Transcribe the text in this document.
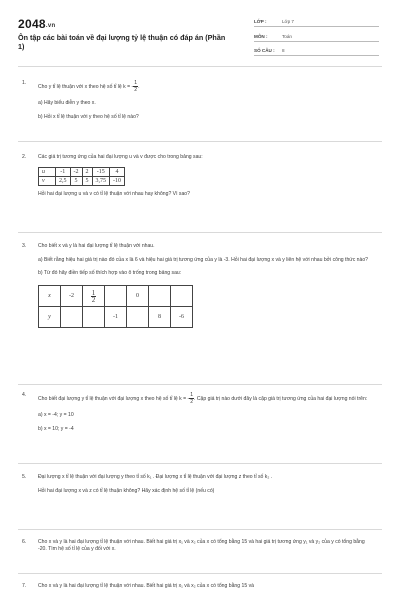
2048.vn
Ôn tập các bài toán về đại lượng tỷ lệ thuận có đáp án (Phần 1)
LỚP :	Lớp 7
MÔN :	Toán
SỐ CÂU : 8
1.

Cho y tỉ lệ thuận với x theo hệ số tỉ lệ k = - $\frac{1}{2}$ .

a) Hãy biểu diễn y theo x.

b) Hỏi x tỉ lệ thuận với y theo hệ số tỉ lệ nào?

2. Các giá trị tương ứng của hai đại lượng u và v được cho trong bảng sau:

u	-1	-2	2	-15	4
v	2,5	5	5	3,75	-10

Hỏi hai đại lượng u và v có tỉ lệ thuận với nhau hay không? Vì sao?

3. Cho biết x và y là hai đại lượng tỉ lệ thuận với nhau.

a) Biết rằng hiệu hai giá trị nào đó của x là 6 và hiệu hai giá trị tương ứng của y là -3. Hỏi hai đại lượng x và y liên hệ với nhau bởi công thức nào?

b) Từ đó hãy điền tiếp số thích hợp vào ô trống trong bảng sau:

x	-2	$\frac{1}{2}$		0		
y			-1		8	-6
4.

Cho biết đại lượng y tỉ lệ thuận với đại lượng x theo hệ số tỉ lệ k = - $\frac{1}{2}$ . Cặp giá trị nào dưới đây là cặp giá trị tương ứng của hai đại lượng nói trên:

a) x = -4; y = 10

b) x = 10; y = -4

5. Đại lượng x tỉ lệ thuận với đại lượng y theo tỉ số k₁ . Đại lượng x tỉ lệ thuận với đại lượng z theo tỉ số k₂ .

Hỏi hai đại lượng x và z có tỉ lệ thuận không? Hãy xác định hệ số tỉ lệ (nếu có)

6. Cho x và y là hai đại lượng tỉ lệ thuận với nhau. Biết hai giá trị x₁ và x₂ của x có tổng bằng 15 và hai giá trị tương ứng y₁ và y₂ của y có tổng bằng -20. Tìm hệ số tỉ lệ của y đối với x.

7. Cho x và y là hai đại lượng tỉ lệ thuận với nhau. Biết hai giá trị x₁ và x₂ của x có tổng bằng 15 và
